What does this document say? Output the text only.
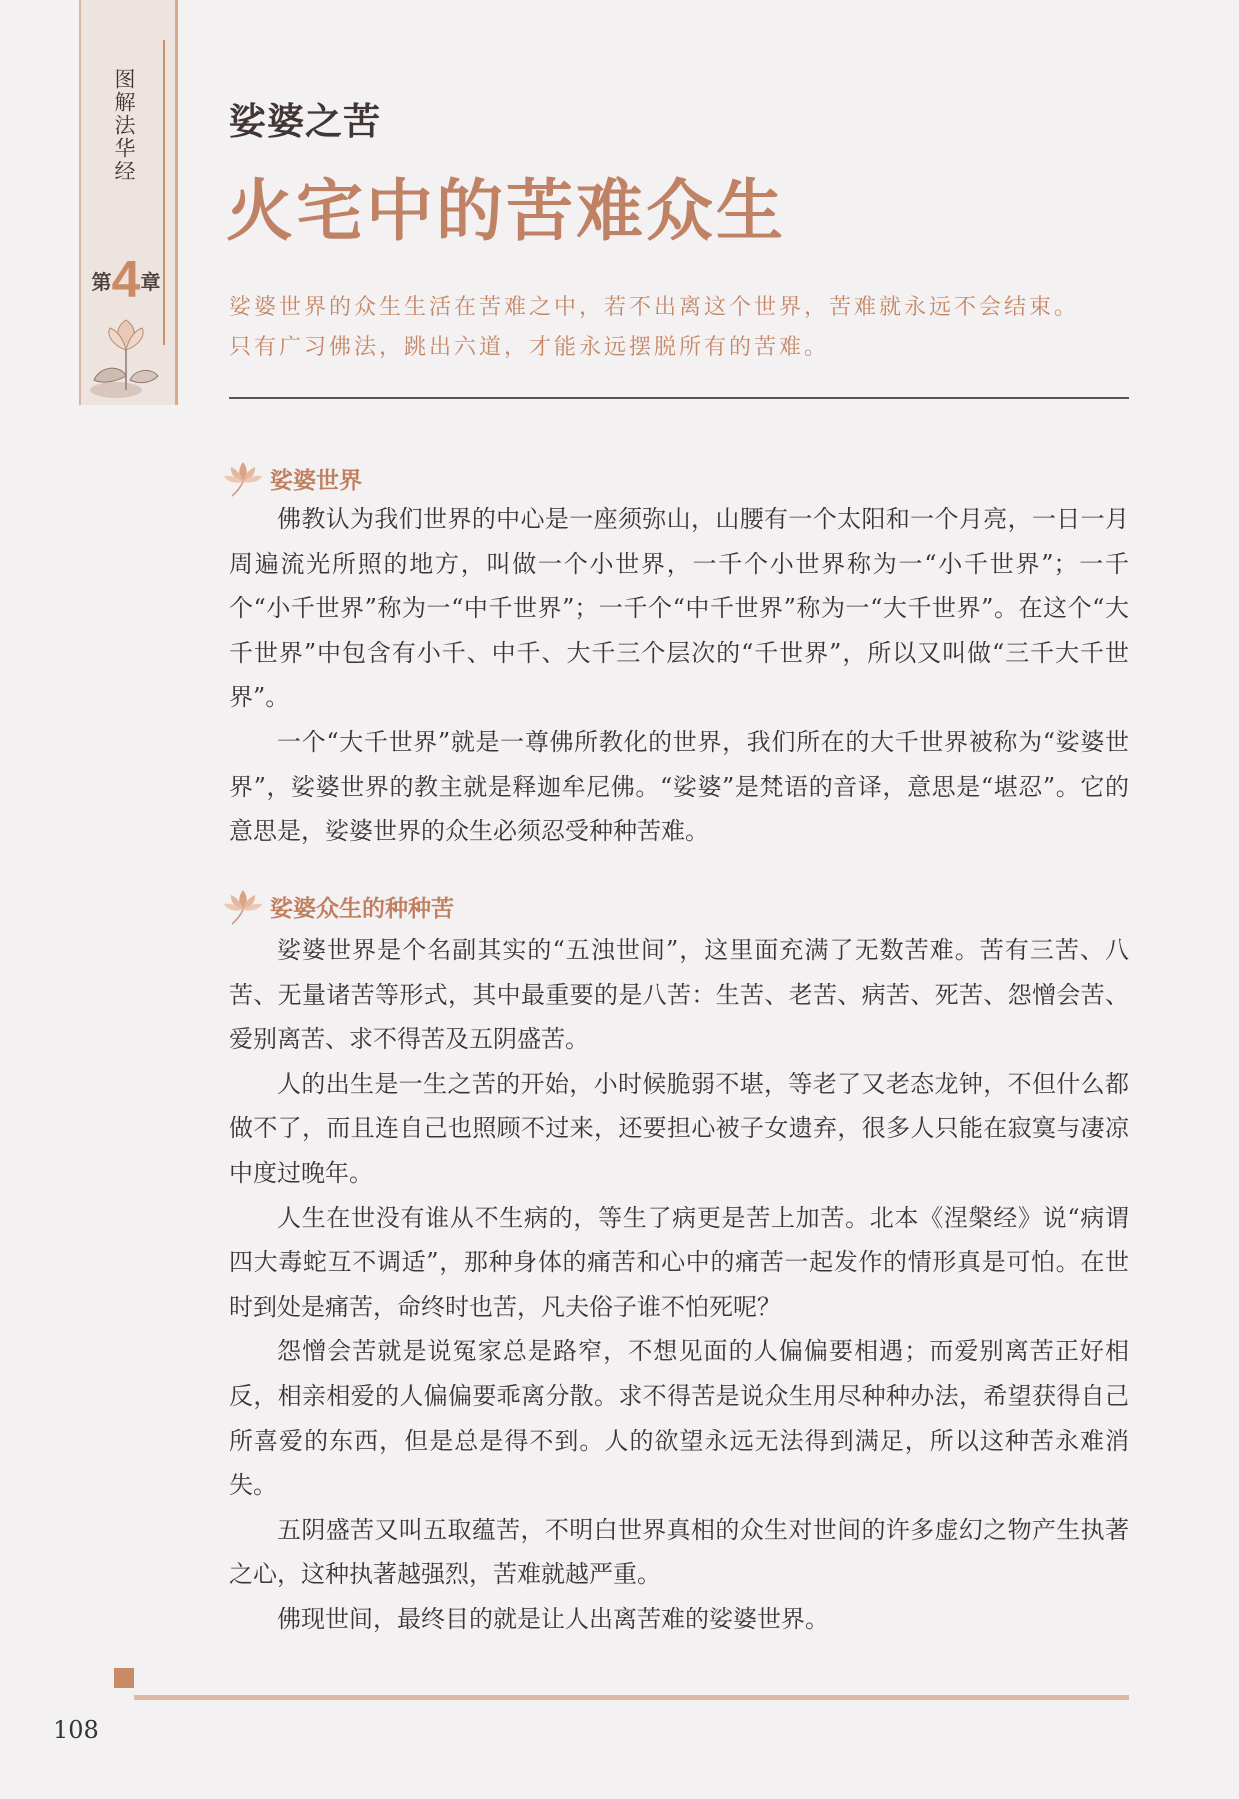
图解法华经
第4章
娑婆之苦
火宅中的苦难众生

娑婆世界的众生生活在苦难之中，若不出离这个世界，苦难就永远不会结束。

只有广习佛法，跳出六道，才能永远摆脱所有的苦难。

娑婆世界

佛教认为我们世界的中心是一座须弥山，山腰有一个太阳和一个月亮，一日一月周遍流光所照的地方，叫做一个小世界，一千个小世界称为一“小千世界”；一千个“小千世界”称为一“中千世界”；一千个“中千世界”称为一“大千世界”。在这个“大千世界”中包含有小千、中千、大千三个层次的“千世界”，所以又叫做“三千大千世界”。

一个“大千世界”就是一尊佛所教化的世界，我们所在的大千世界被称为“娑婆世界”，娑婆世界的教主就是释迦牟尼佛。“娑婆”是梵语的音译，意思是“堪忍”。它的意思是，娑婆世界的众生必须忍受种种苦难。

娑婆众生的种种苦

娑婆世界是个名副其实的“五浊世间”，这里面充满了无数苦难。苦有三苦、八苦、无量诸苦等形式，其中最重要的是八苦：生苦、老苦、病苦、死苦、怨憎会苦、爱别离苦、求不得苦及五阴盛苦。

人的出生是一生之苦的开始，小时候脆弱不堪，等老了又老态龙钟，不但什么都做不了，而且连自己也照顾不过来，还要担心被子女遗弃，很多人只能在寂寞与凄凉中度过晚年。

人生在世没有谁从不生病的，等生了病更是苦上加苦。北本《涅槃经》说“病谓四大毒蛇互不调适”，那种身体的痛苦和心中的痛苦一起发作的情形真是可怕。在世时到处是痛苦，命终时也苦，凡夫俗子谁不怕死呢？

怨憎会苦就是说冤家总是路窄，不想见面的人偏偏要相遇；而爱别离苦正好相反，相亲相爱的人偏偏要乖离分散。求不得苦是说众生用尽种种办法，希望获得自己所喜爱的东西，但是总是得不到。人的欲望永远无法得到满足，所以这种苦永难消失。

五阴盛苦又叫五取蕴苦，不明白世界真相的众生对世间的许多虚幻之物产生执著之心，这种执著越强烈，苦难就越严重。

佛现世间，最终目的就是让人出离苦难的娑婆世界。

108
